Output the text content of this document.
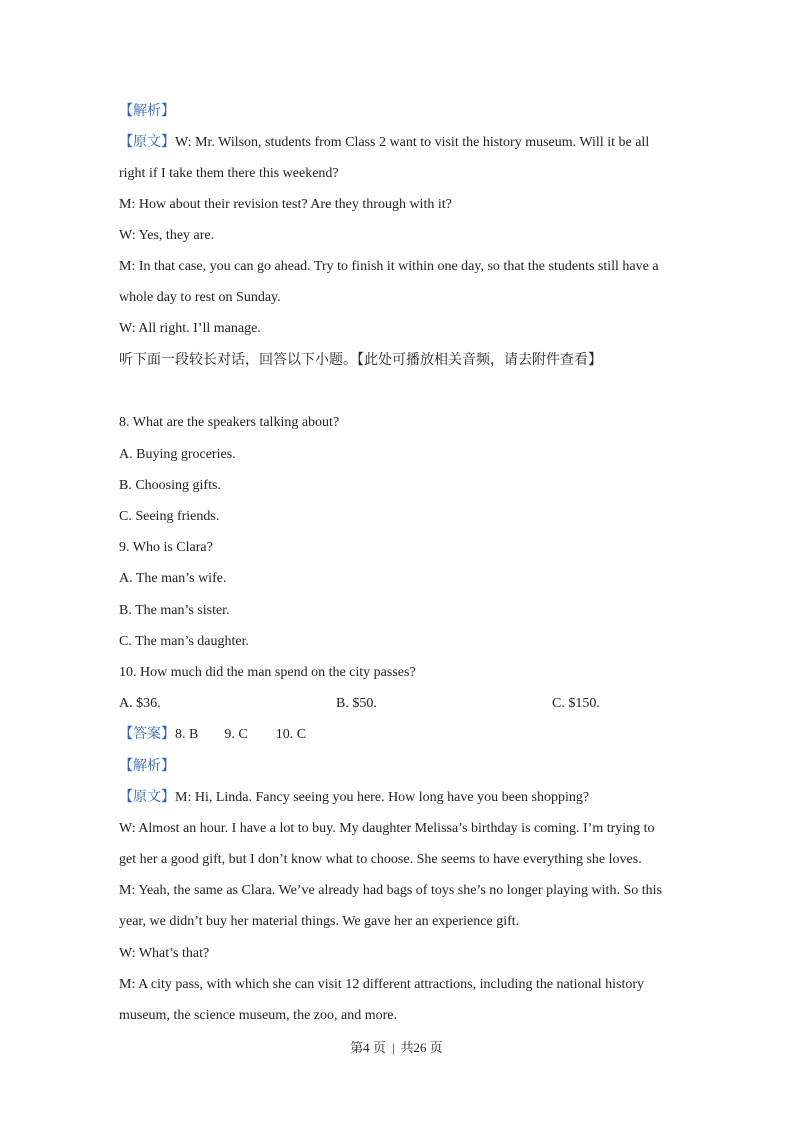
【解析】
【原文】W: Mr. Wilson, students from Class 2 want to visit the history museum. Will it be all
right if I take them there this weekend?
M: How about their revision test? Are they through with it?
W: Yes, they are.
M: In that case, you can go ahead. Try to finish it within one day, so that the students still have a
whole day to rest on Sunday.
W: All right. I’ll manage.
听下面一段较长对话，回答以下小题。【此处可播放相关音频，请去附件查看】
8. What are the speakers talking about?
A. Buying groceries.
B. Choosing gifts.
C. Seeing friends.
9. Who is Clara?
A. The man’s wife.
B. The man’s sister.
C. The man’s daughter.
10. How much did the man spend on the city passes?
A. $36.	B. $50.	C. $150.
【答案】8. B 9. C 10. C
【解析】
【原文】M: Hi, Linda. Fancy seeing you here. How long have you been shopping?
W: Almost an hour. I have a lot to buy. My daughter Melissa’s birthday is coming. I’m trying to
get her a good gift, but I don’t know what to choose. She seems to have everything she loves.
M: Yeah, the same as Clara. We’ve already had bags of toys she’s no longer playing with. So this
year, we didn’t buy her material things. We gave her an experience gift.
W: What’s that?
M: A city pass, with which she can visit 12 different attractions, including the national history
museum, the science museum, the zoo, and more.
第4 页 | 共26 页
